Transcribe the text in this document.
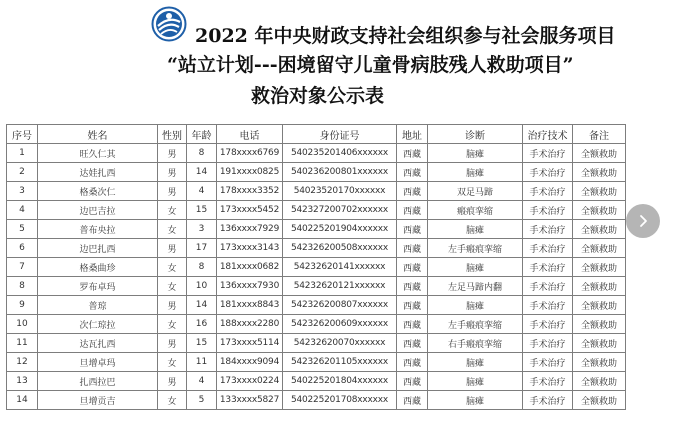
2022 年中央财政支持社会组织参与社会服务项目
“站立计划---困境留守儿童骨病肢残人救助项目”
救治对象公示表
序号	姓名	性别	年龄	电话	身份证号	地址	诊断	治疗技术	备注
1	旺久仁其	男	8	178xxxx6769	540235201406xxxxxx	西藏	脑瘫	手术治疗	全额救助
2	达娃扎西	男	14	191xxxx0825	540236200801xxxxxx	西藏	脑瘫	手术治疗	全额救助
3	格桑次仁	男	4	178xxxx3352	54023520170xxxxxx	西藏	双足马蹄	手术治疗	全额救助
4	边巴吉拉	女	15	173xxxx5452	542327200702xxxxxx	西藏	瘢痕挛缩	手术治疗	全额救助
5	普布央拉	女	3	136xxxx7929	540225201904xxxxxx	西藏	脑瘫	手术治疗	全额救助
6	边巴扎西	男	17	173xxxx3143	542326200508xxxxxx	西藏	左手瘢痕挛缩	手术治疗	全额救助
7	格桑曲珍	女	8	181xxxx0682	54232620141xxxxxx	西藏	脑瘫	手术治疗	全额救助
8	罗布卓玛	女	10	136xxxx7930	54232620121xxxxxx	西藏	左足马蹄内翻	手术治疗	全额救助
9	普琼	男	14	181xxxx8843	542326200807xxxxxx	西藏	脑瘫	手术治疗	全额救助
10	次仁琼拉	女	16	188xxxx2280	542326200609xxxxxx	西藏	左手瘢痕挛缩	手术治疗	全额救助
11	达瓦扎西	男	15	173xxxx5114	54232620070xxxxxx	西藏	右手瘢痕挛缩	手术治疗	全额救助
12	旦增卓玛	女	11	184xxxx9094	542326201105xxxxxx	西藏	脑瘫	手术治疗	全额救助
13	扎西拉巴	男	4	173xxxx0224	540225201804xxxxxx	西藏	脑瘫	手术治疗	全额救助
14	旦增贡吉	女	5	133xxxx5827	540225201708xxxxxx	西藏	脑瘫	手术治疗	全额救助
